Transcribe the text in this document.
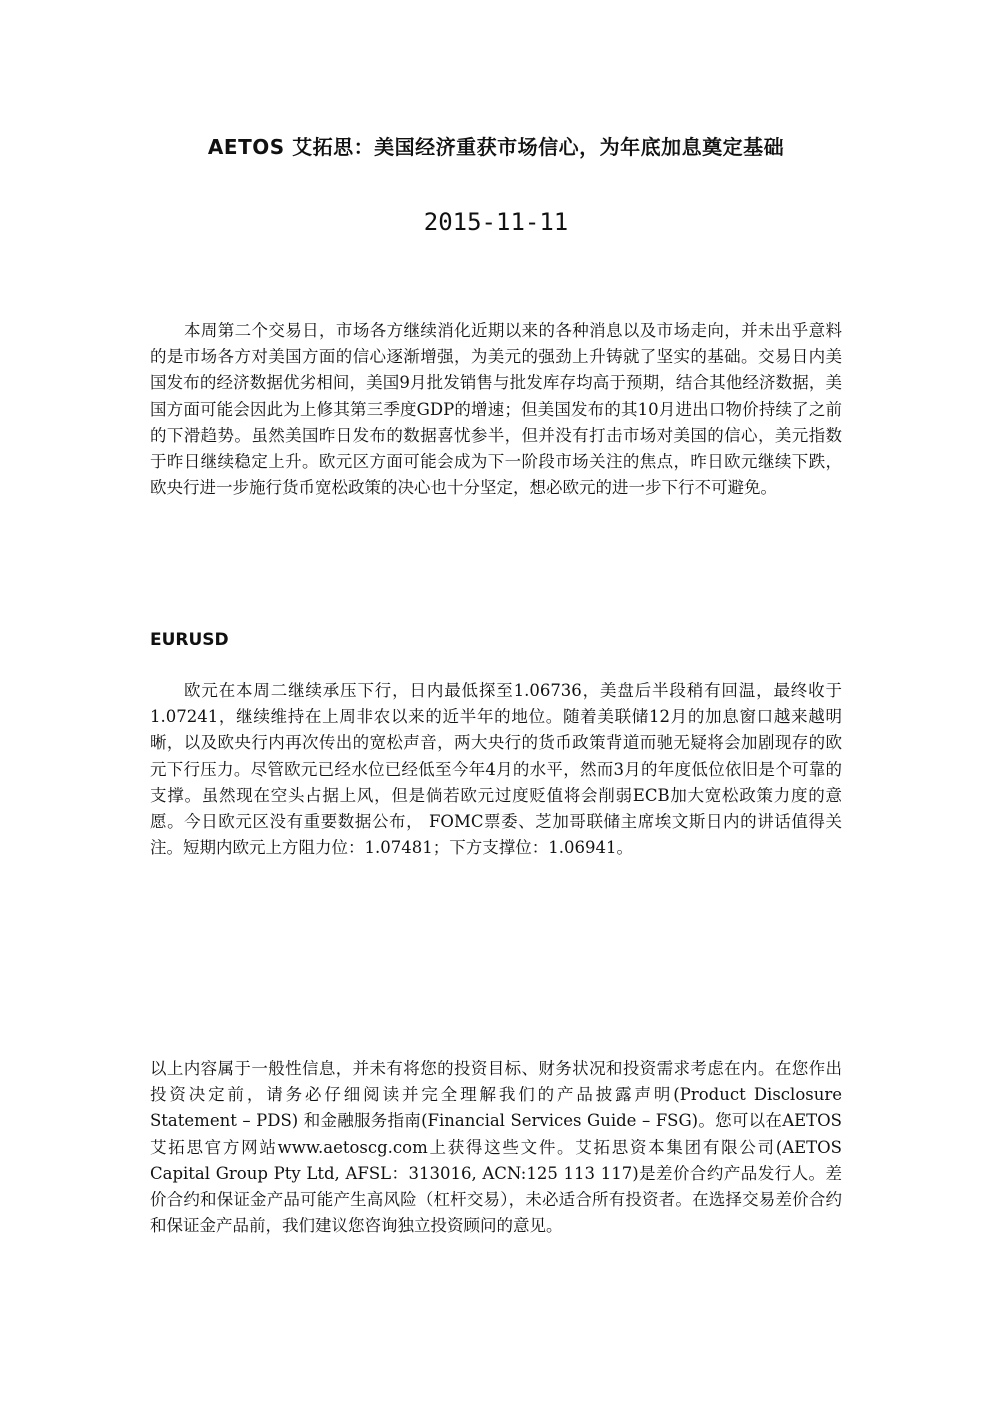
AETOS 艾拓思：美国经济重获市场信心，为年底加息奠定基础
2015-11-11

本周第二个交易日，市场各方继续消化近期以来的各种消息以及市场走向，并未出乎意料的是市场各方对美国方面的信心逐渐增强，为美元的强劲上升铸就了坚实的基础。交易日内美国发布的经济数据优劣相间，美国9月批发销售与批发库存均高于预期，结合其他经济数据，美国方面可能会因此为上修其第三季度GDP的增速；但美国发布的其10月进出口物价持续了之前的下滑趋势。虽然美国昨日发布的数据喜忧参半，但并没有打击市场对美国的信心，美元指数于昨日继续稳定上升。欧元区方面可能会成为下一阶段市场关注的焦点，昨日欧元继续下跌，欧央行进一步施行货币宽松政策的决心也十分坚定，想必欧元的进一步下行不可避免。

EURUSD

欧元在本周二继续承压下行，日内最低探至1.06736，美盘后半段稍有回温，最终收于1.07241，继续维持在上周非农以来的近半年的地位。随着美联储12月的加息窗口越来越明晰，以及欧央行内再次传出的宽松声音，两大央行的货币政策背道而驰无疑将会加剧现存的欧元下行压力。尽管欧元已经水位已经低至今年4月的水平，然而3月的年度低位依旧是个可靠的支撑。虽然现在空头占据上风，但是倘若欧元过度贬值将会削弱ECB加大宽松政策力度的意愿。今日欧元区没有重要数据公布， FOMC票委、芝加哥联储主席埃文斯日内的讲话值得关注。短期内欧元上方阻力位：1.07481；下方支撑位：1.06941。

以上内容属于一般性信息，并未有将您的投资目标、财务状况和投资需求考虑在内。在您作出投资决定前，请务必仔细阅读并完全理解我们的产品披露声明(Product Disclosure Statement – PDS) 和金融服务指南(Financial Services Guide – FSG)。您可以在AETOS艾拓思官方网站www.aetoscg.com上获得这些文件。艾拓思资本集团有限公司(AETOS Capital Group Pty Ltd, AFSL：313016, ACN:125 113 117)是差价合约产品发行人。差价合约和保证金产品可能产生高风险（杠杆交易），未必适合所有投资者。在选择交易差价合约和保证金产品前，我们建议您咨询独立投资顾问的意见。
